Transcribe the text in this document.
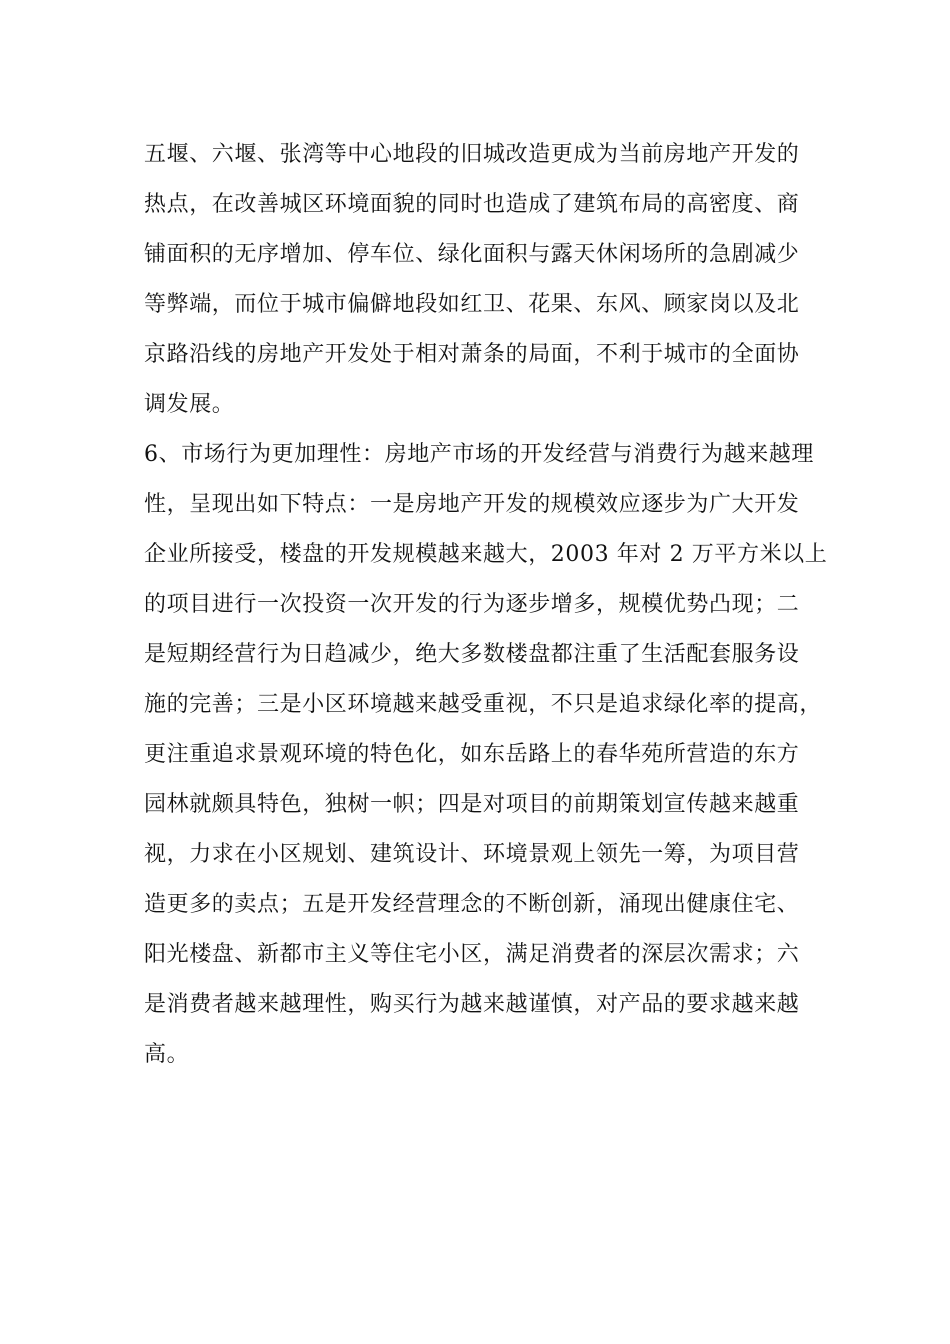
五堰、六堰、张湾等中心地段的旧城改造更成为当前房地产开发的
热点，在改善城区环境面貌的同时也造成了建筑布局的高密度、商
铺面积的无序增加、停车位、绿化面积与露天休闲场所的急剧减少
等弊端，而位于城市偏僻地段如红卫、花果、东风、顾家岗以及北
京路沿线的房地产开发处于相对萧条的局面，不利于城市的全面协
调发展。
6、市场行为更加理性：房地产市场的开发经营与消费行为越来越理
性，呈现出如下特点：一是房地产开发的规模效应逐步为广大开发
企业所接受，楼盘的开发规模越来越大，2003 年对 2 万平方米以上
的项目进行一次投资一次开发的行为逐步增多，规模优势凸现；二
是短期经营行为日趋减少，绝大多数楼盘都注重了生活配套服务设
施的完善；三是小区环境越来越受重视，不只是追求绿化率的提高，
更注重追求景观环境的特色化，如东岳路上的春华苑所营造的东方
园林就颇具特色，独树一帜；四是对项目的前期策划宣传越来越重
视，力求在小区规划、建筑设计、环境景观上领先一筹，为项目营
造更多的卖点；五是开发经营理念的不断创新，涌现出健康住宅、
阳光楼盘、新都市主义等住宅小区，满足消费者的深层次需求；六
是消费者越来越理性，购买行为越来越谨慎，对产品的要求越来越
高。
